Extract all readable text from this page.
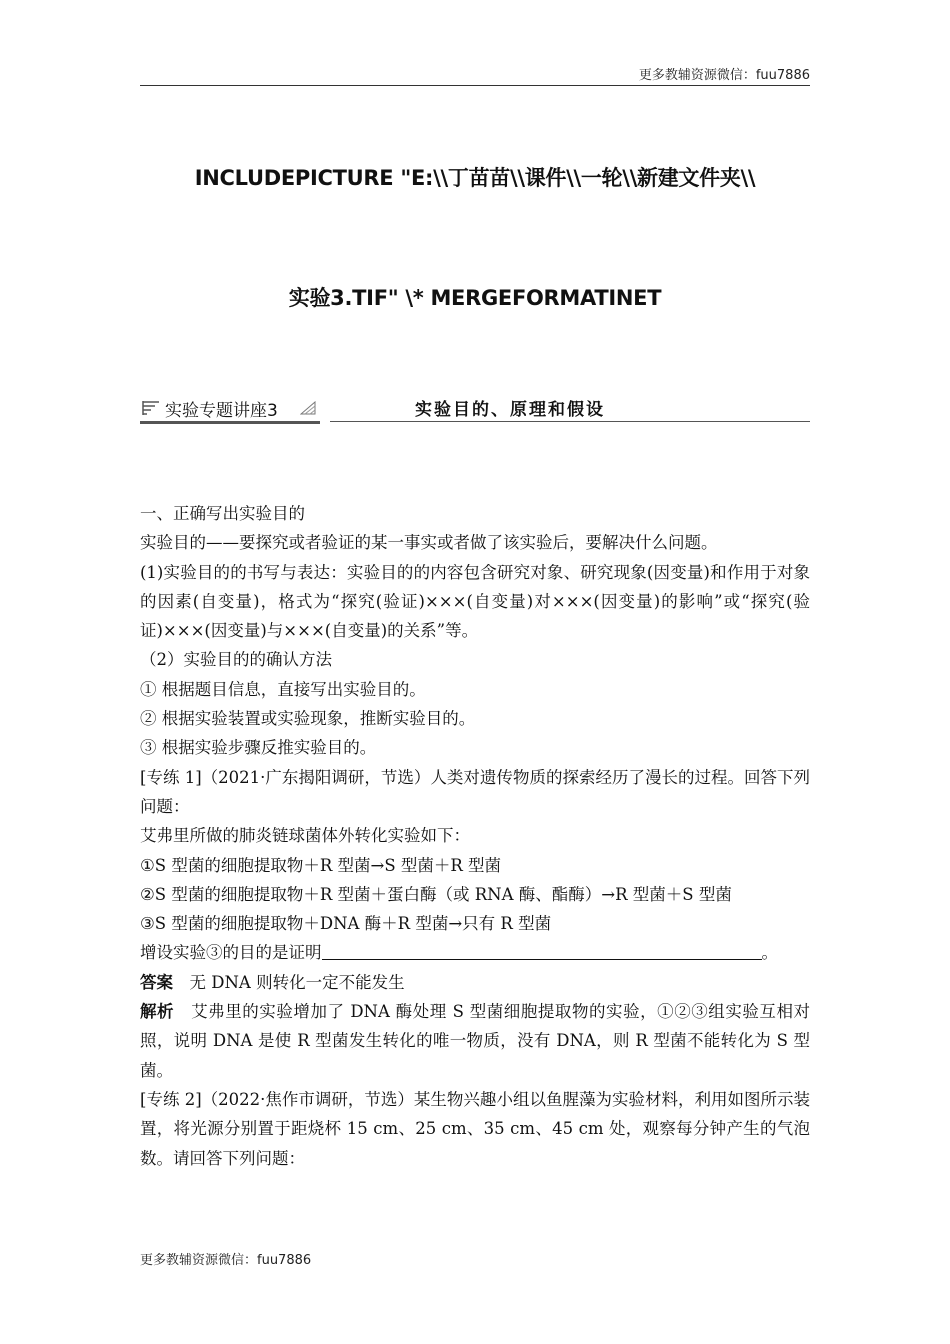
更多教辅资源微信：fuu7886
INCLUDEPICTURE "E:\\丁苗苗\\课件\\一轮\\新建文件夹\\
实验3.TIF" \* MERGEFORMATINET
实验专题讲座3	实验目的、原理和假设

一、正确写出实验目的

实验目的——要探究或者验证的某一事实或者做了该实验后，要解决什么问题。

(1)实验目的的书写与表达：实验目的的内容包含研究对象、研究现象(因变量)和作用于对象的因素(自变量)，格式为“探究(验证)×××(自变量)对×××(因变量)的影响”或“探究(验证)×××(因变量)与×××(自变量)的关系”等。

（2）实验目的的确认方法

① 根据题目信息，直接写出实验目的。

② 根据实验装置或实验现象，推断实验目的。

③ 根据实验步骤反推实验目的。

[专练 1]（2021·广东揭阳调研，节选）人类对遗传物质的探索经历了漫长的过程。回答下列问题：

艾弗里所做的肺炎链球菌体外转化实验如下：

①S 型菌的细胞提取物＋R 型菌→S 型菌＋R 型菌

②S 型菌的细胞提取物＋R 型菌＋蛋白酶（或 RNA 酶、酯酶）→R 型菌＋S 型菌

③S 型菌的细胞提取物＋DNA 酶＋R 型菌→只有 R 型菌

增设实验③的目的是证明	。

答案　 无 DNA 则转化一定不能发生

解析　 艾弗里的实验增加了 DNA 酶处理 S 型菌细胞提取物的实验，①②③组实验互相对照，说明 DNA 是使 R 型菌发生转化的唯一物质，没有 DNA，则 R 型菌不能转化为 S 型菌。

[专练 2]（2022·焦作市调研，节选）某生物兴趣小组以鱼腥藻为实验材料，利用如图所示装置，将光源分别置于距烧杯 15 cm、25 cm、35 cm、45 cm 处，观察每分钟产生的气泡数。请回答下列问题：

更多教辅资源微信：fuu7886
